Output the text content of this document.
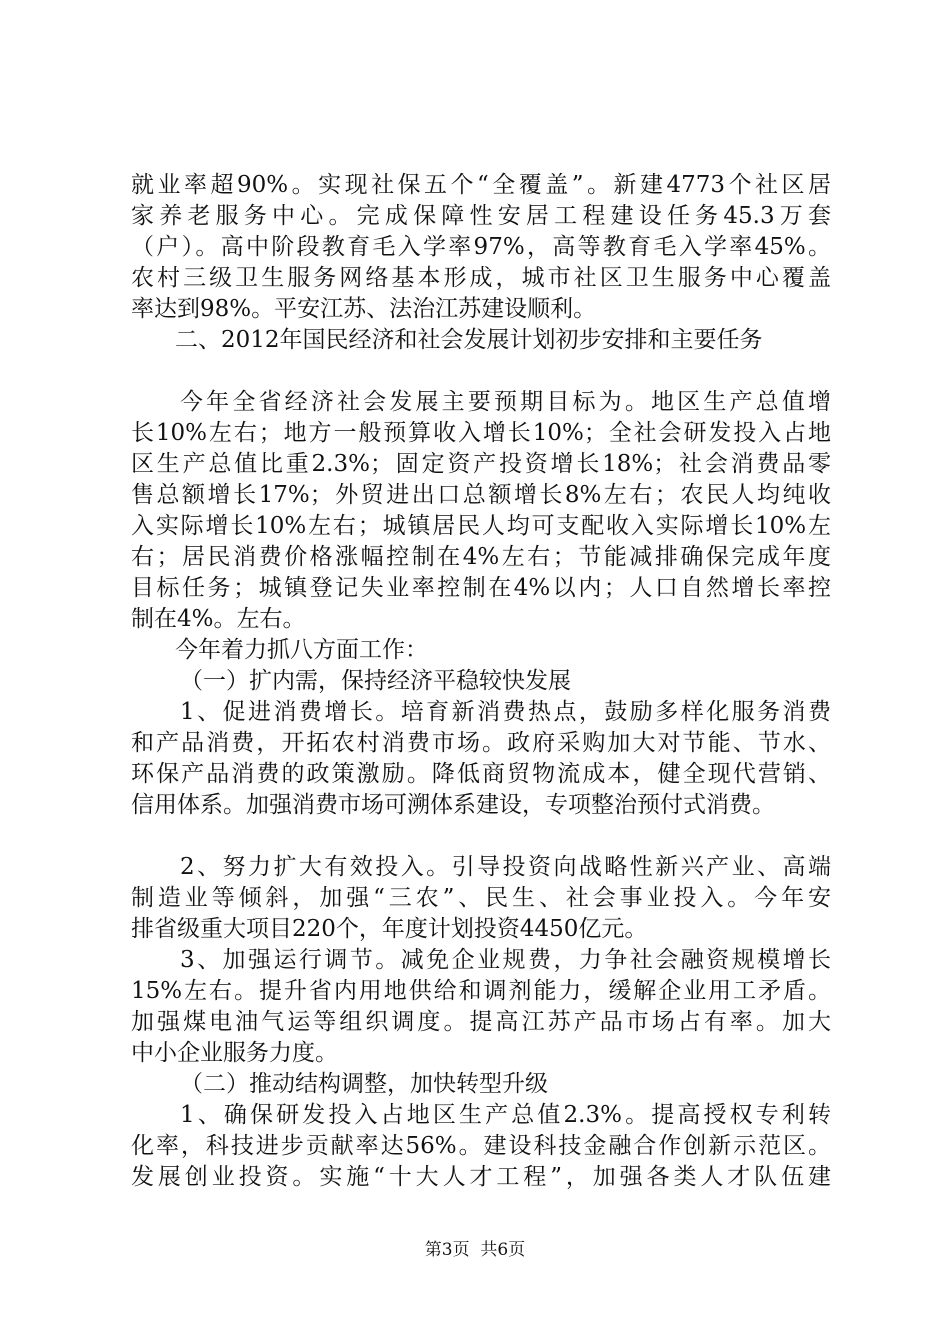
就业率超90%。实现社保五个“全覆盖”。新建4773个社区居
家养老服务中心。完成保障性安居工程建设任务45.3万套
（户）。高中阶段教育毛入学率97%，高等教育毛入学率45%。
农村三级卫生服务网络基本形成，城市社区卫生服务中心覆盖
率达到98%。平安江苏、法治江苏建设顺利。
二、2012年国民经济和社会发展计划初步安排和主要任务
今年全省经济社会发展主要预期目标为。地区生产总值增
长10%左右；地方一般预算收入增长10%；全社会研发投入占地
区生产总值比重2.3%；固定资产投资增长18%；社会消费品零
售总额增长17%；外贸进出口总额增长8%左右；农民人均纯收
入实际增长10%左右；城镇居民人均可支配收入实际增长10%左
右；居民消费价格涨幅控制在4%左右；节能减排确保完成年度
目标任务；城镇登记失业率控制在4%以内；人口自然增长率控
制在4%。左右。
今年着力抓八方面工作：
（一）扩内需，保持经济平稳较快发展
1、促进消费增长。培育新消费热点，鼓励多样化服务消费
和产品消费，开拓农村消费市场。政府采购加大对节能、节水、
环保产品消费的政策激励。降低商贸物流成本，健全现代营销、
信用体系。加强消费市场可溯体系建设，专项整治预付式消费。
2、努力扩大有效投入。引导投资向战略性新兴产业、高端
制造业等倾斜，加强“三农”、民生、社会事业投入。今年安
排省级重大项目220个，年度计划投资4450亿元。
3、加强运行调节。减免企业规费，力争社会融资规模增长
15%左右。提升省内用地供给和调剂能力，缓解企业用工矛盾。
加强煤电油气运等组织调度。提高江苏产品市场占有率。加大
中小企业服务力度。
（二）推动结构调整，加快转型升级
1、确保研发投入占地区生产总值2.3%。提高授权专利转
化率，科技进步贡献率达56%。建设科技金融合作创新示范区。
发展创业投资。实施“十大人才工程”，加强各类人才队伍建
第3页  共6页
